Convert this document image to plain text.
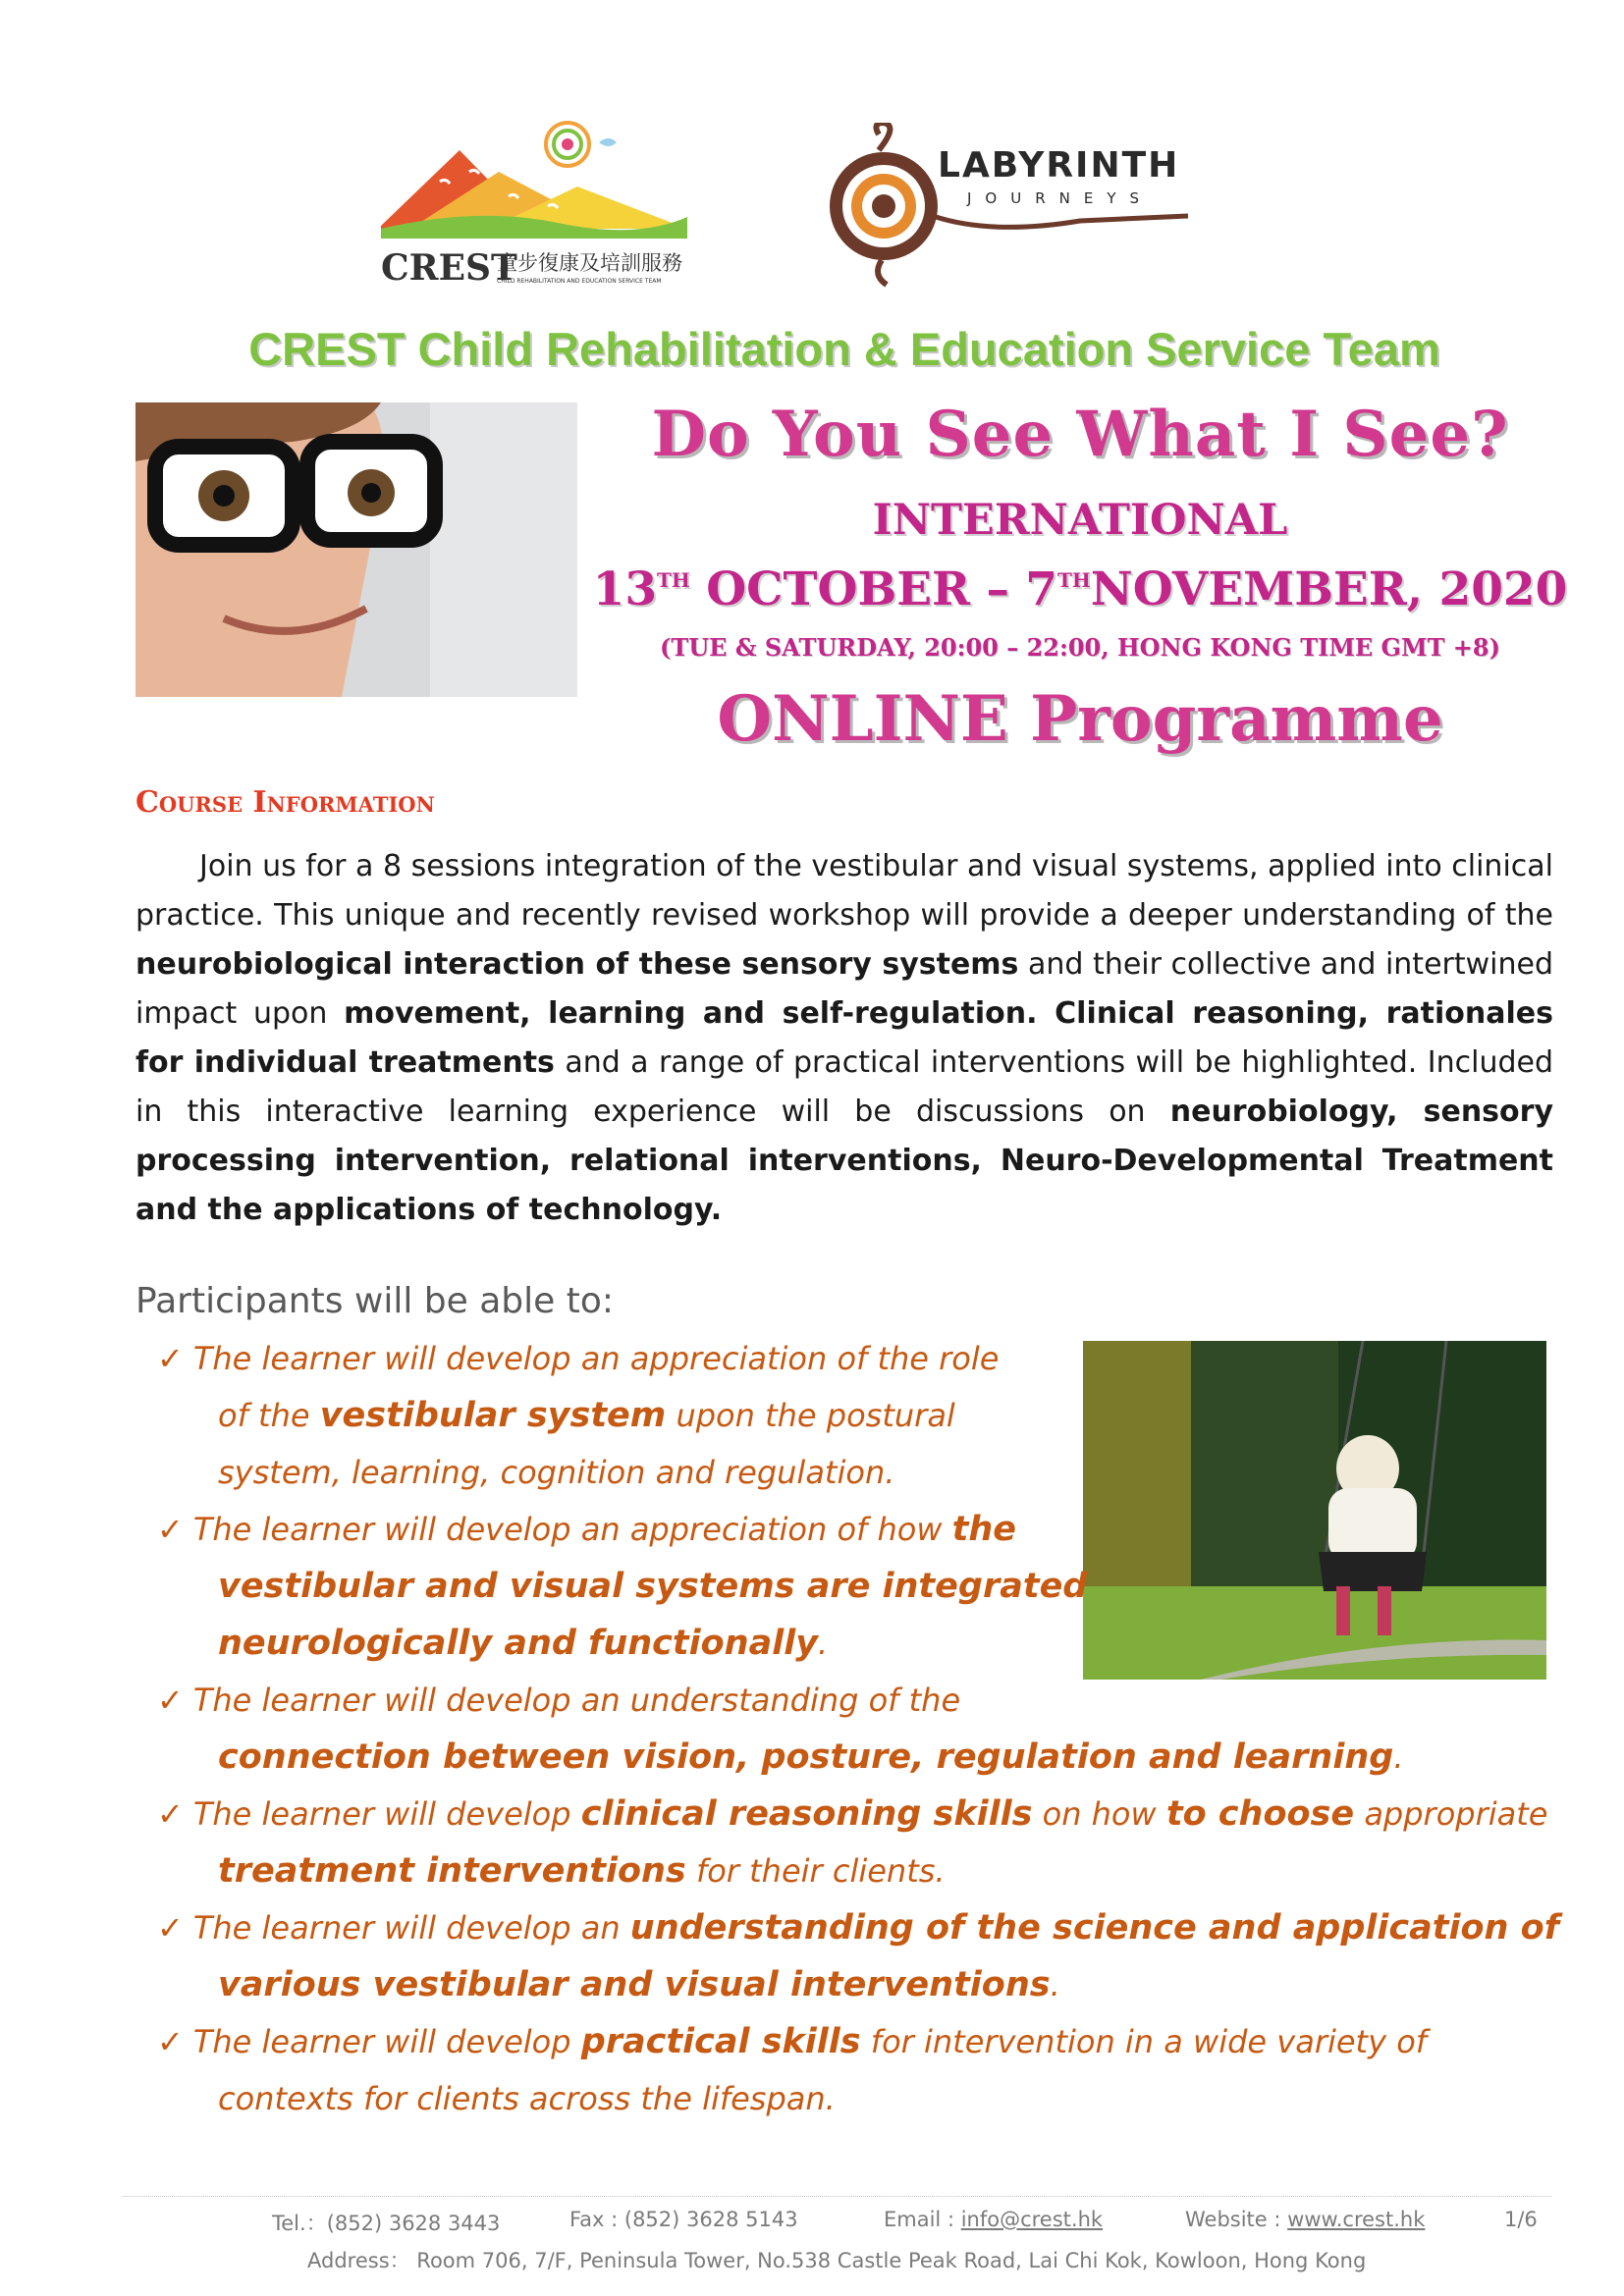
CREST
童步復康及培訓服務
CHILD REHABILITATION AND EDUCATION SERVICE TEAM
LABYRINTH
JOURNEYS
CREST Child Rehabilitation & Education Service Team
Do You See What I See?
INTERNATIONAL
13TH OCTOBER – 7THNOVEMBER, 2020
(TUE & SATURDAY, 20:00 – 22:00, HONG KONG TIME GMT +8)
ONLINE Programme
Course Information
Join us for a 8 sessions integration of the vestibular and visual systems, applied into clinical practice. This unique and recently revised workshop will provide a deeper understanding of the neurobiological interaction of these sensory systems and their collective and intertwined impact upon movement, learning and self-regulation. Clinical reasoning, rationales for individual treatments and a range of practical interventions will be highlighted. Included in this interactive learning experience will be discussions on neurobiology, sensory processing intervention, relational interventions, Neuro-Developmental Treatment and the applications of technology.
Participants will be able to:
✓ The learner will develop an appreciation of the role
of the vestibular system upon the postural
system, learning, cognition and regulation.
✓ The learner will develop an appreciation of how the
vestibular and visual systems are integrated
neurologically and functionally.
✓ The learner will develop an understanding of the
connection between vision, posture, regulation and learning.
✓ The learner will develop clinical reasoning skills on how to choose appropriate
treatment interventions for their clients.
✓ The learner will develop an understanding of the science and application of
various vestibular and visual interventions.
✓ The learner will develop practical skills for intervention in a wide variety of
contexts for clients across the lifespan.
Tel.：(852) 3628 3443	Fax : (852) 3628 5143	Email : info@crest.hk	Website : www.crest.hk	1/6
Address： Room 706, 7/F, Peninsula Tower, No.538 Castle Peak Road, Lai Chi Kok, Kowloon, Hong Kong
